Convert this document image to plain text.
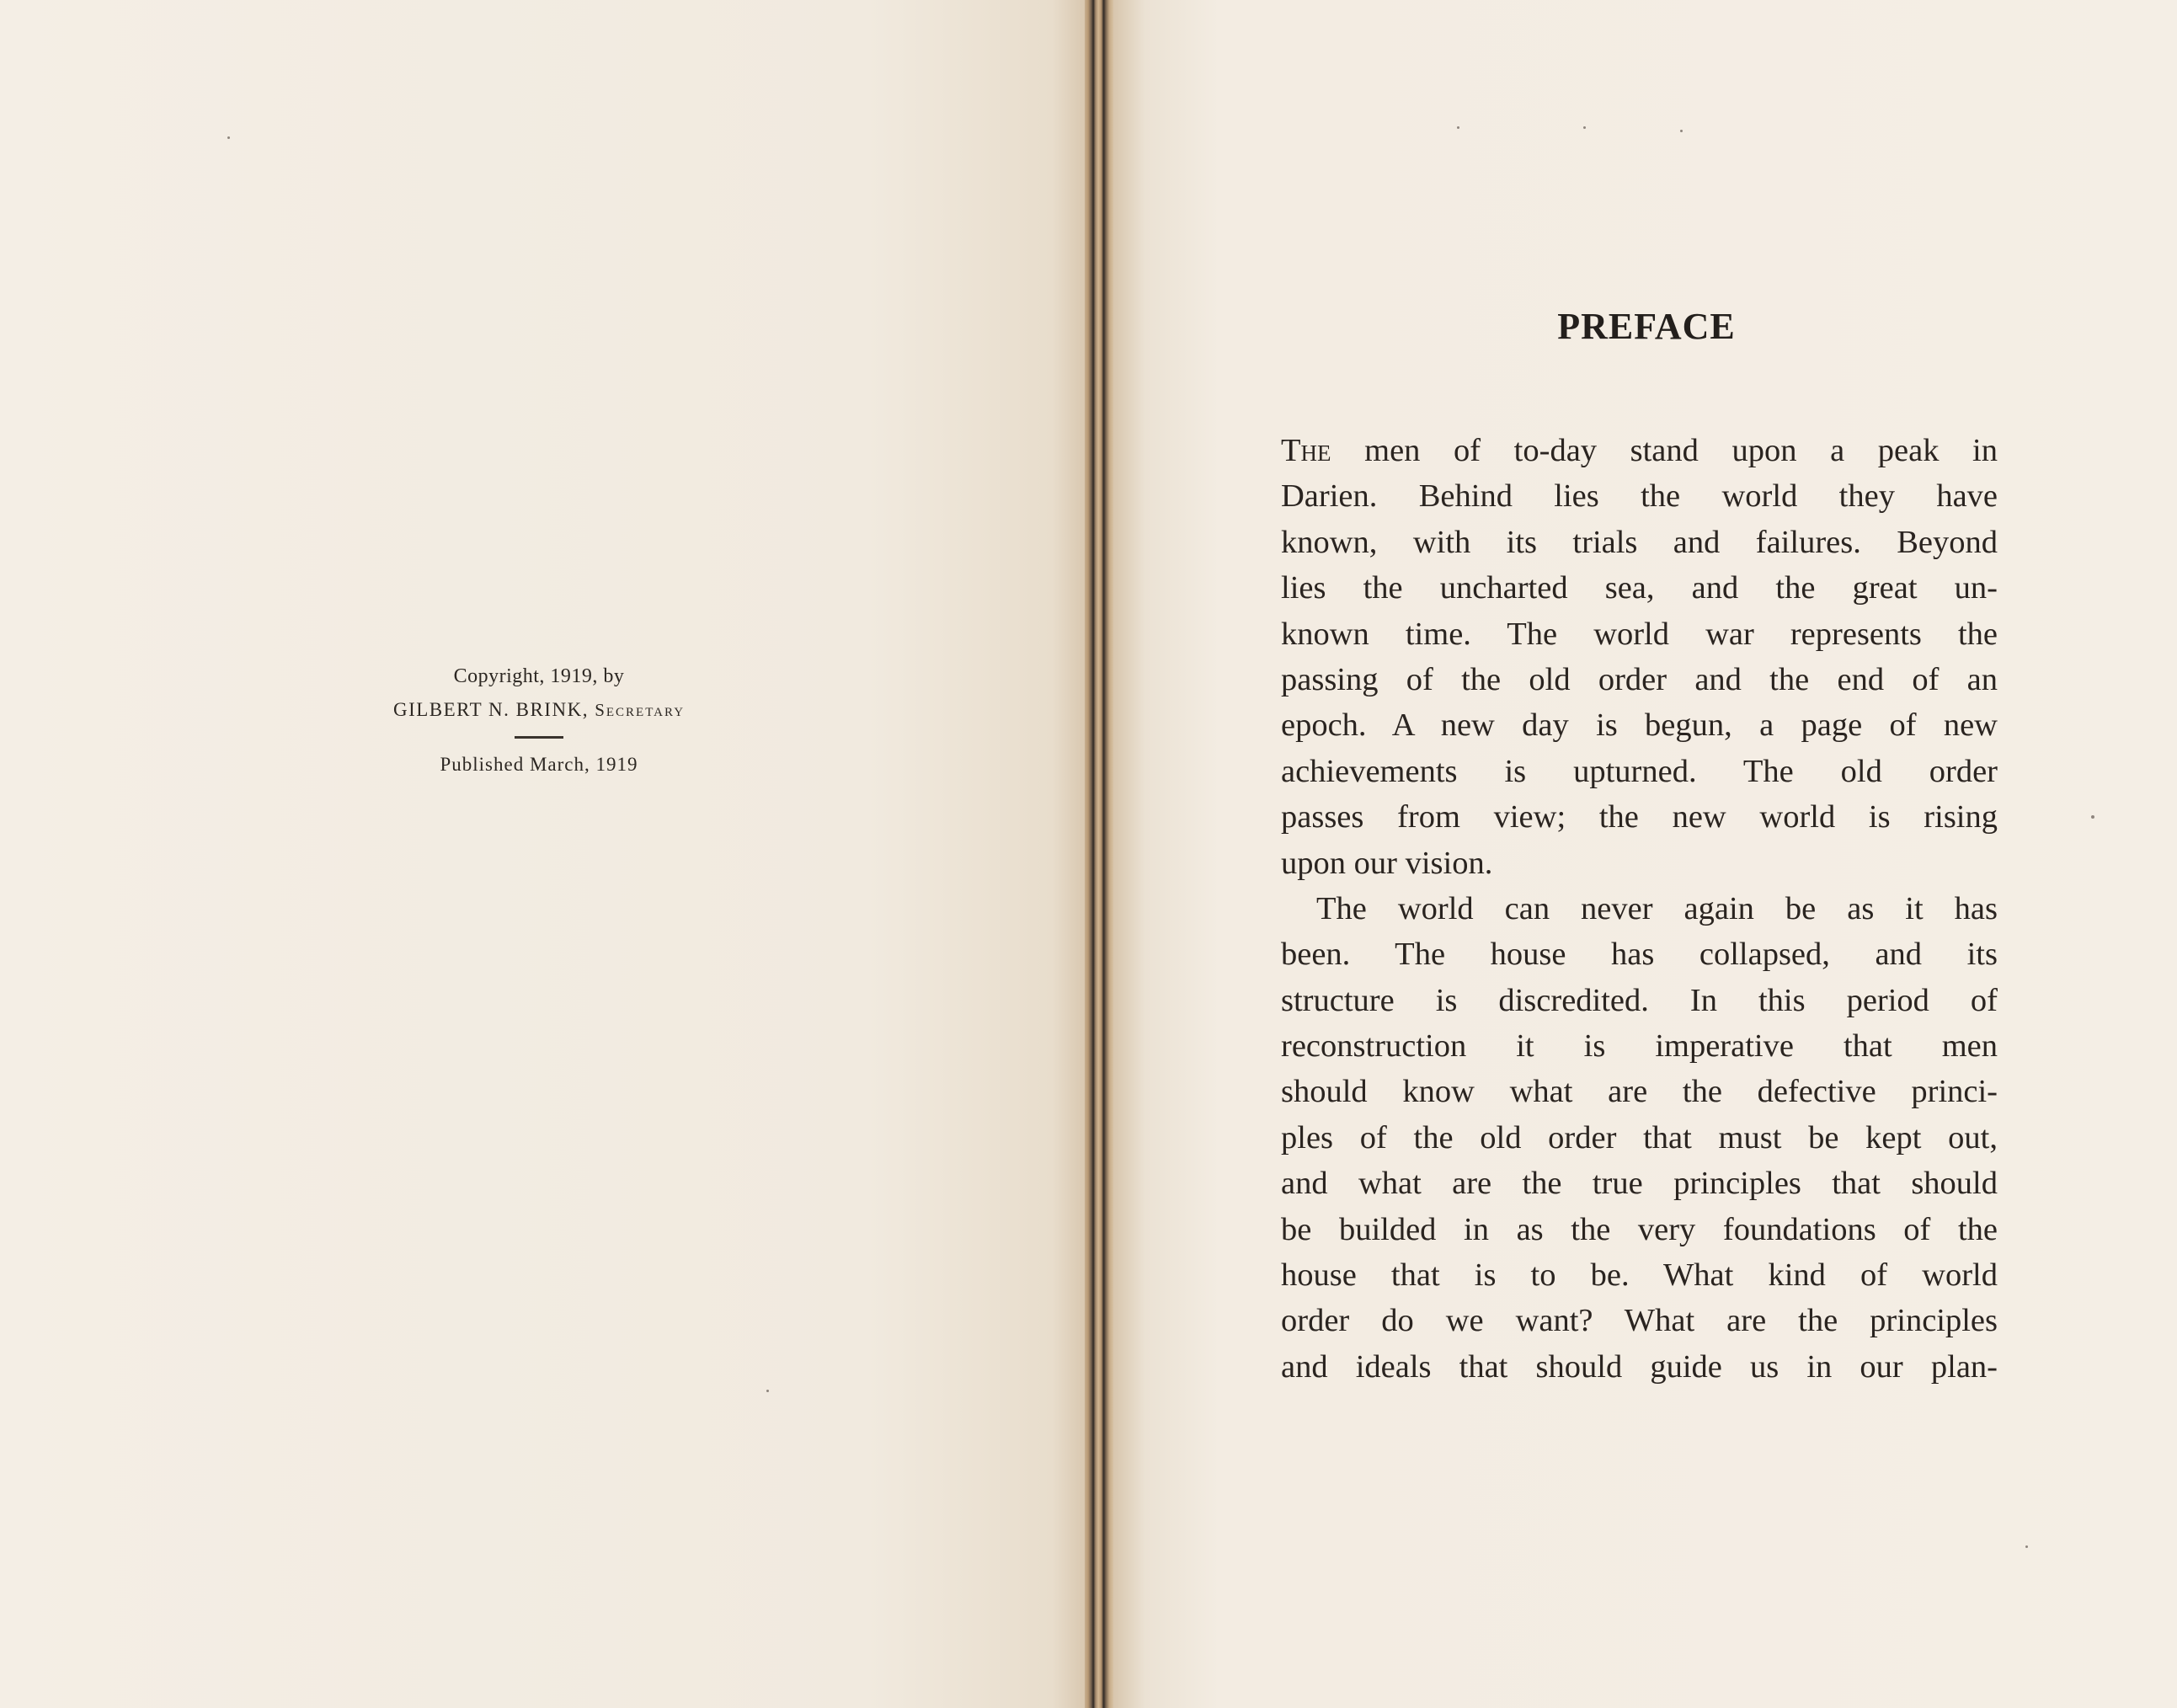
Copyright, 1919, by
GILBERT N. BRINK, Secretary
Published March, 1919
PREFACE
The men of to-day stand upon a peak in
Darien. Behind lies the world they have
known, with its trials and failures. Beyond
lies the uncharted sea, and the great un-
known time. The world war represents the
passing of the old order and the end of an
epoch. A new day is begun, a page of new
achievements is upturned. The old order
passes from view; the new world is rising
upon our vision.
The world can never again be as it has
been. The house has collapsed, and its
structure is discredited. In this period of
reconstruction it is imperative that men
should know what are the defective princi-
ples of the old order that must be kept out,
and what are the true principles that should
be builded in as the very foundations of the
house that is to be. What kind of world
order do we want? What are the principles
and ideals that should guide us in our plan-
